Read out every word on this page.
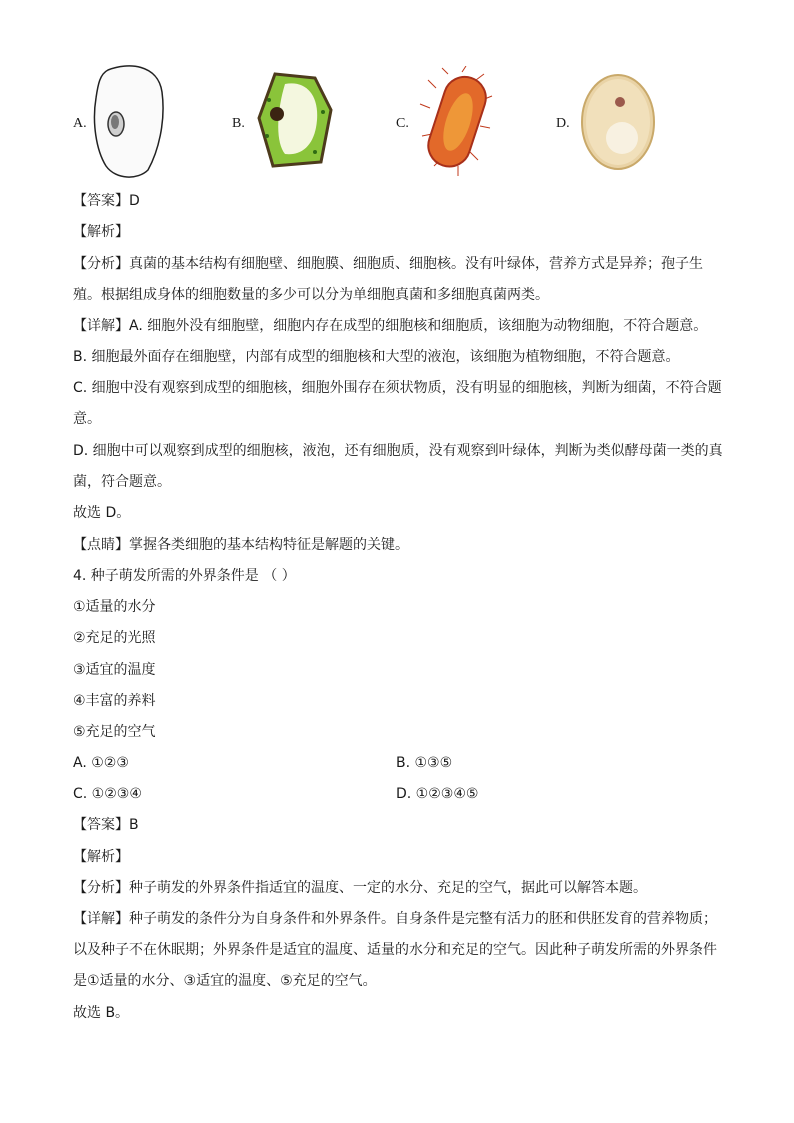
A.	B.	C.	D.
【答案】D
【解析】
【分析】真菌的基本结构有细胞壁、细胞膜、细胞质、细胞核。没有叶绿体，营养方式是异养；孢子生
殖。根据组成身体的细胞数量的多少可以分为单细胞真菌和多细胞真菌两类。
【详解】A. 细胞外没有细胞壁，细胞内存在成型的细胞核和细胞质，该细胞为动物细胞，不符合题意。
B. 细胞最外面存在细胞壁，内部有成型的细胞核和大型的液泡，该细胞为植物细胞，不符合题意。
C. 细胞中没有观察到成型的细胞核，细胞外围存在须状物质，没有明显的细胞核，判断为细菌，不符合题
意。
D. 细胞中可以观察到成型的细胞核，液泡，还有细胞质，没有观察到叶绿体，判断为类似酵母菌一类的真
菌，符合题意。
故选 D。
【点睛】掌握各类细胞的基本结构特征是解题的关键。
4. 种子萌发所需的外界条件是 （ ）
①适量的水分
②充足的光照
③适宜的温度
④丰富的养料
⑤充足的空气
A. ①②③	B. ①③⑤
C. ①②③④	D. ①②③④⑤
【答案】B
【解析】
【分析】种子萌发的外界条件指适宜的温度、一定的水分、充足的空气，据此可以解答本题。
【详解】种子萌发的条件分为自身条件和外界条件。自身条件是完整有活力的胚和供胚发育的营养物质；
以及种子不在休眠期；外界条件是适宜的温度、适量的水分和充足的空气。因此种子萌发所需的外界条件
是①适量的水分、③适宜的温度、⑤充足的空气。
故选 B。
